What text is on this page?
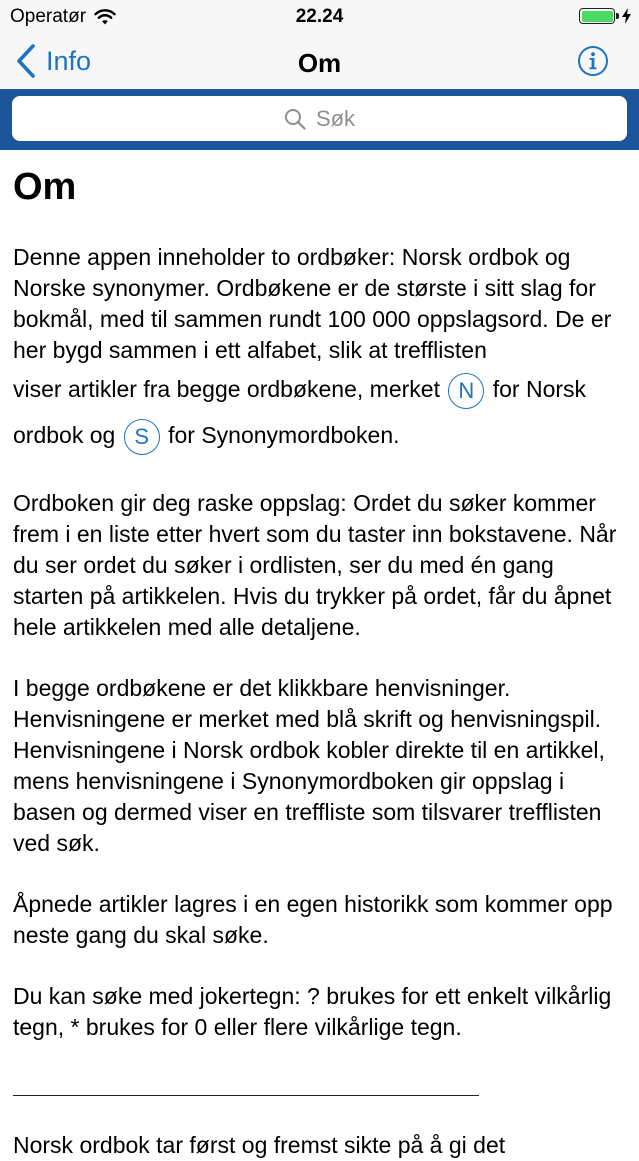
Operatør	22.24
Info	Om
Søk
Om
Denne appen inneholder to ordbøker: Norsk ordbok og Norske synonymer. Ordbøkene er de største i sitt slag for bokmål, med til sammen rundt 100 000 oppslagsord. De er her bygd sammen i ett alfabet, slik at trefflisten
viser artikler fra begge ordbøkene, merket N for Norsk
ordbok og S for Synonymordboken.

Ordboken gir deg raske oppslag: Ordet du søker kommer frem i en liste etter hvert som du taster inn bokstavene. Når du ser ordet du søker i ordlisten, ser du med én gang starten på artikkelen. Hvis du trykker på ordet, får du åpnet hele artikkelen med alle detaljene.

I begge ordbøkene er det klikkbare henvisninger. Henvisningene er merket med blå skrift og henvisningspil. Henvisningene i Norsk ordbok kobler direkte til en artikkel, mens henvisningene i Synonymordboken gir oppslag i basen og dermed viser en treffliste som tilsvarer trefflisten ved søk.

Åpnede artikler lagres i en egen historikk som kommer opp neste gang du skal søke.

Du kan søke med jokertegn: ? brukes for ett enkelt vilkårlig tegn, * brukes for 0 eller flere vilkårlige tegn.

Norsk ordbok tar først og fremst sikte på å gi det
